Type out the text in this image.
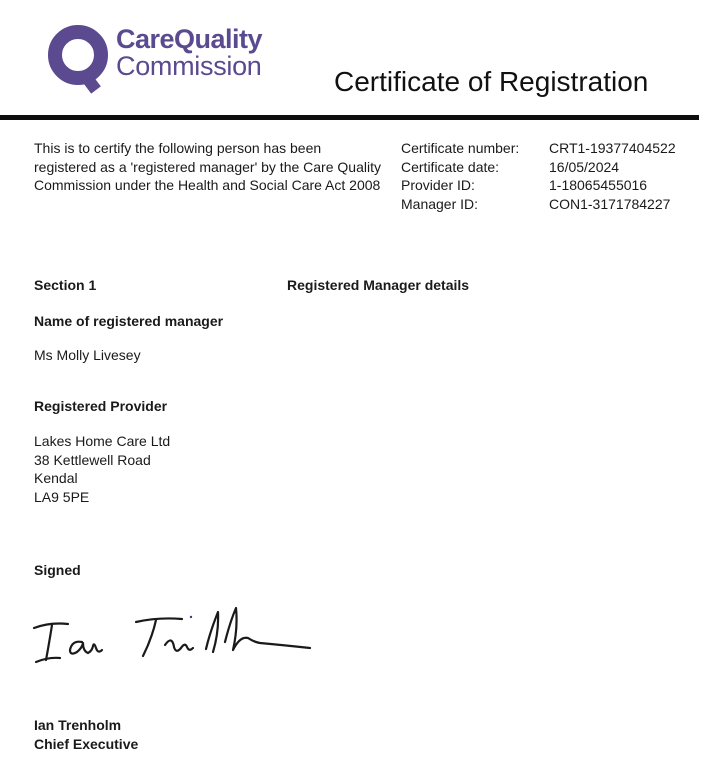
CareQuality
Commission	Certificate of Registration
This is to certify the following person has been registered as a 'registered manager' by the Care Quality Commission under the Health and Social Care Act 2008
Certificate number:	CRT1-19377404522
Certificate date:	16/05/2024
Provider ID:	1-18065455016
Manager ID:	CON1-3171784227
Section 1	Registered Manager details
Name of registered manager
Ms Molly Livesey
Registered Provider
Lakes Home Care Ltd
38 Kettlewell Road
Kendal
LA9 5PE
Signed
Ian Trenholm
Chief Executive
